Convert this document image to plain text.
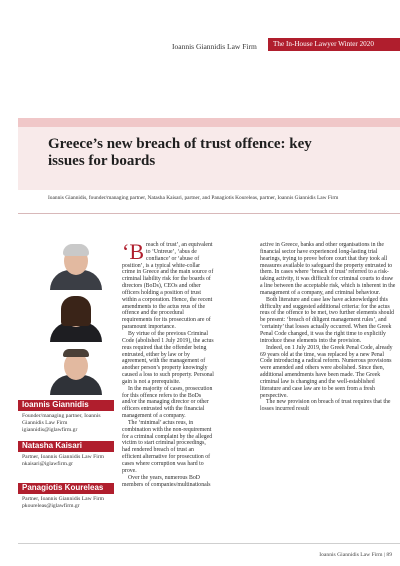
Ioannis Giannidis Law Firm The In-House Lawyer Winter 2020
Greece’s new breach of trust offence: key issues for boards
Ioannis Giannidis, founder/managing partner, Natasha Kaisari, partner, and Panagiotis Koureleas, partner, Ioannis Giannidis Law Firm
Ioannis Giannidis
Founder/managing partner, Ioannis Giannidis Law Firm
igiannidis@iglawfirm.gr
Natasha Kaisari
Partner, Ioannis Giannidis Law Firm
nkaisari@iglawfirm.gr
Panagiotis Koureleas
Partner, Ioannis Giannidis Law Firm
pkoureleas@iglawfirm.gr
‘B reach of trust’, an equivalent to ‘Untreue’, ‘abus de confiance’ or ‘abuse of position’, is a typical white-collar crime in Greece and the main source of criminal liability risk for the boards of directors (BoDs), CEOs and other officers holding a position of trust within a corporation. Hence, the recent amendments to the actus reus of the offence and the procedural requirements for its prosecution are of paramount importance.

By virtue of the previous Criminal Code (abolished 1 July 2019), the actus reus required that the offender being entrusted, either by law or by agreement, with the management of another person’s property knowingly caused a loss to such property. Personal gain is not a prerequisite.

In the majority of cases, prosecution for this offence refers to the BoDs and/or the managing director or other officers entrusted with the financial management of a company.

The ‘minimal’ actus reus, in combination with the non-requirement for a criminal complaint by the alleged victim to start criminal proceedings, had rendered breach of trust an efficient alternative for prosecution of cases where corruption was hard to prove.

Over the years, numerous BoD members of companies/multinationals

active in Greece, banks and other organisations in the financial sector have experienced long-lasting trial hearings, trying to prove before court that they took all measures available to safeguard the property entrusted to them. In cases where ‘breach of trust’ referred to a risk-taking activity, it was difficult for criminal courts to draw a line between the acceptable risk, which is inherent in the management of a company, and criminal behaviour.

Both literature and case law have acknowledged this difficulty and suggested additional criteria: for the actus reus of the offence to be met, two further elements should be present: ‘breach of diligent management rules’, and ‘certainty’ that losses actually occurred. When the Greek Penal Code changed, it was the right time to explicitly introduce these elements into the provision.

Indeed, on 1 July 2019, the Greek Penal Code, already 69 years old at the time, was replaced by a new Penal Code introducing a radical reform. Numerous provisions were amended and others were abolished. Since then, additional amendments have been made. The Greek criminal law is changing and the well-established literature and case law are to be seen from a fresh perspective.

The new provision on breach of trust requires that the losses incurred result

Ioannis Giannidis Law Firm | 89
